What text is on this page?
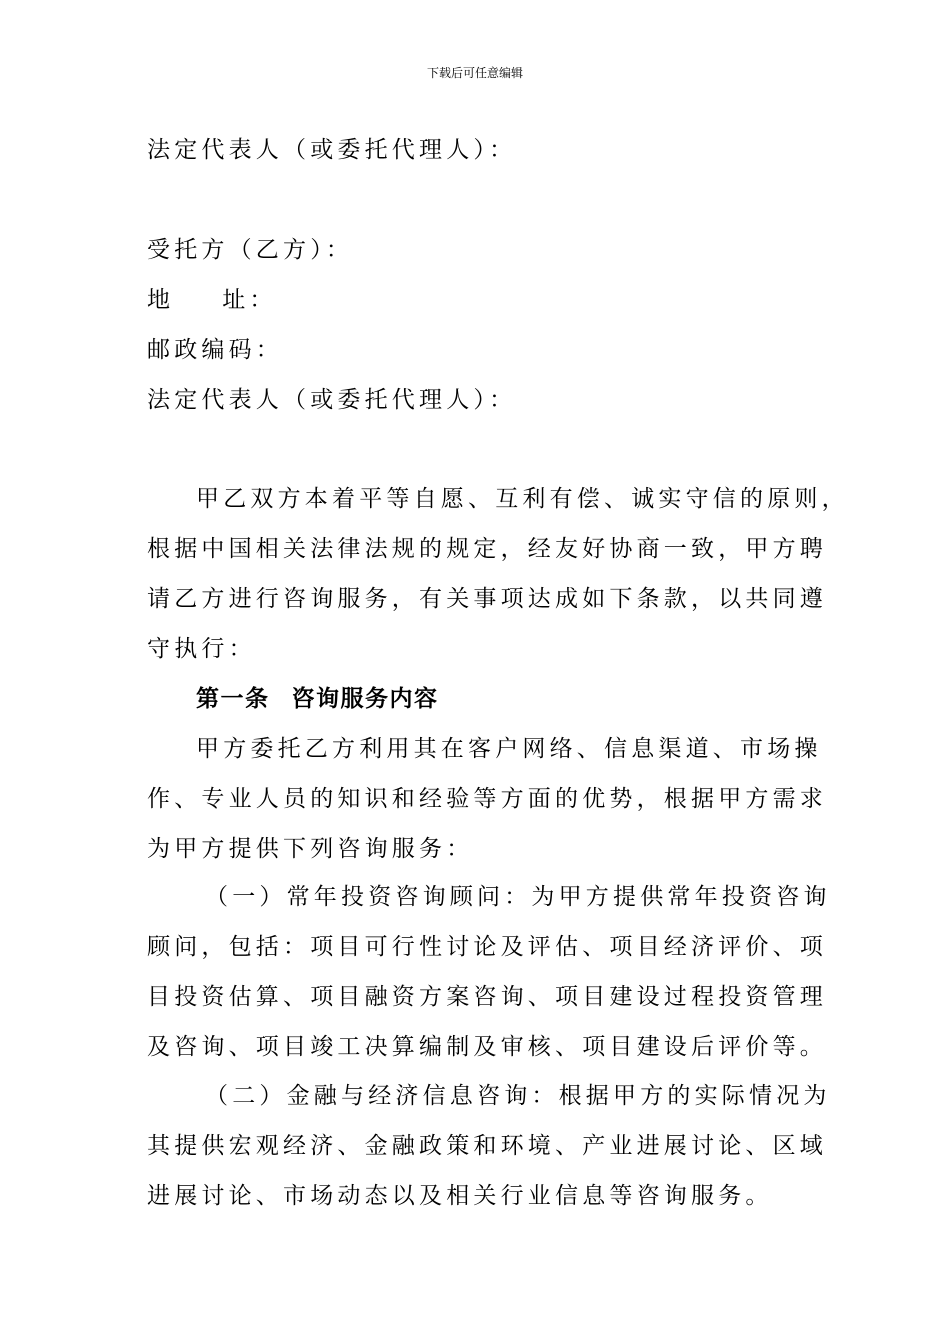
下载后可任意编辑
法定代表人（或委托代理人）：
受托方（乙方）：
地 址：
邮政编码：
法定代表人（或委托代理人）：
甲乙双方本着平等自愿、互利有偿、诚实守信的原则，
根据中国相关法律法规的规定，经友好协商一致，甲方聘
请乙方进行咨询服务，有关事项达成如下条款，以共同遵
守执行：
第一条 咨询服务内容
甲方委托乙方利用其在客户网络、信息渠道、市场操
作、专业人员的知识和经验等方面的优势，根据甲方需求
为甲方提供下列咨询服务：
（一）常年投资咨询顾问：为甲方提供常年投资咨询
顾问，包括：项目可行性讨论及评估、项目经济评价、项
目投资估算、项目融资方案咨询、项目建设过程投资管理
及咨询、项目竣工决算编制及审核、项目建设后评价等。
（二）金融与经济信息咨询：根据甲方的实际情况为
其提供宏观经济、金融政策和环境、产业进展讨论、区域
进展讨论、市场动态以及相关行业信息等咨询服务。
